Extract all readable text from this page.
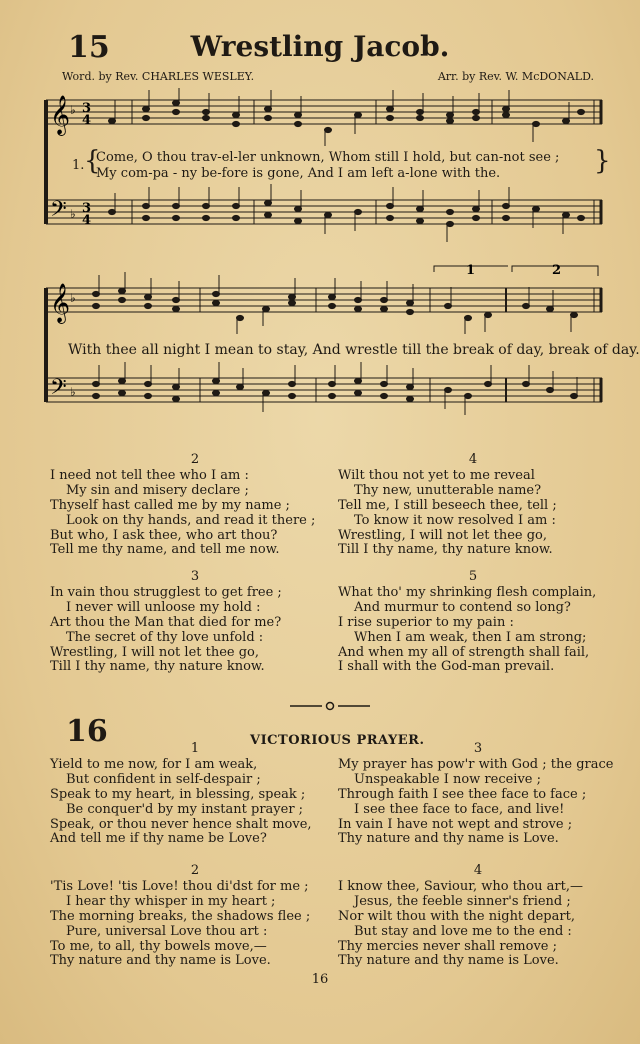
15	Wrestling Jacob.
Word. by Rev. CHARLES WESLEY.	Arr. by Rev. W. McDONALD.
𝄞
𝄢
♭
♭
3
4
3
4
1. {	}
Come, O thou trav-el-ler unknown, Whom still I hold, but can-not see ;
My com-pa - ny be-fore is gone, And I am left a-lone with the.
𝄞
𝄢
♭
♭
1	2
With thee all night I mean to stay, And wrestle till the break of day, break of day.
2
I need not tell thee who I am :
My sin and misery declare ;
Thyself hast called me by my name ;
Look on thy hands, and read it there ;
But who, I ask thee, who art thou?
Tell me thy name, and tell me now.
4
Wilt thou not yet to me reveal
Thy new, unutterable name?
Tell me, I still beseech thee, tell ;
To know it now resolved I am :
Wrestling, I will not let thee go,
Till I thy name, thy nature know.
3
In vain thou strugglest to get free ;
I never will unloose my hold :
Art thou the Man that died for me?
The secret of thy love unfold :
Wrestling, I will not let thee go,
Till I thy name, thy nature know.
5
What tho' my shrinking flesh complain,
And murmur to contend so long?
I rise superior to my pain :
When I am weak, then I am strong;
And when my all of strength shall fail,
I shall with the God-man prevail.
16	VICTORIOUS PRAYER.
1
Yield to me now, for I am weak,
But confident in self-despair ;
Speak to my heart, in blessing, speak ;
Be conquer'd by my instant prayer ;
Speak, or thou never hence shalt move,
And tell me if thy name be Love?
3
My prayer has pow'r with God ; the grace
Unspeakable I now receive ;
Through faith I see thee face to face ;
I see thee face to face, and live!
In vain I have not wept and strove ;
Thy nature and thy name is Love.
2
'Tis Love! 'tis Love! thou di'dst for me ;
I hear thy whisper in my heart ;
The morning breaks, the shadows flee ;
Pure, universal Love thou art :
To me, to all, thy bowels move,—
Thy nature and thy name is Love.
4
I know thee, Saviour, who thou art,—
Jesus, the feeble sinner's friend ;
Nor wilt thou with the night depart,
But stay and love me to the end :
Thy mercies never shall remove ;
Thy nature and thy name is Love.
16
